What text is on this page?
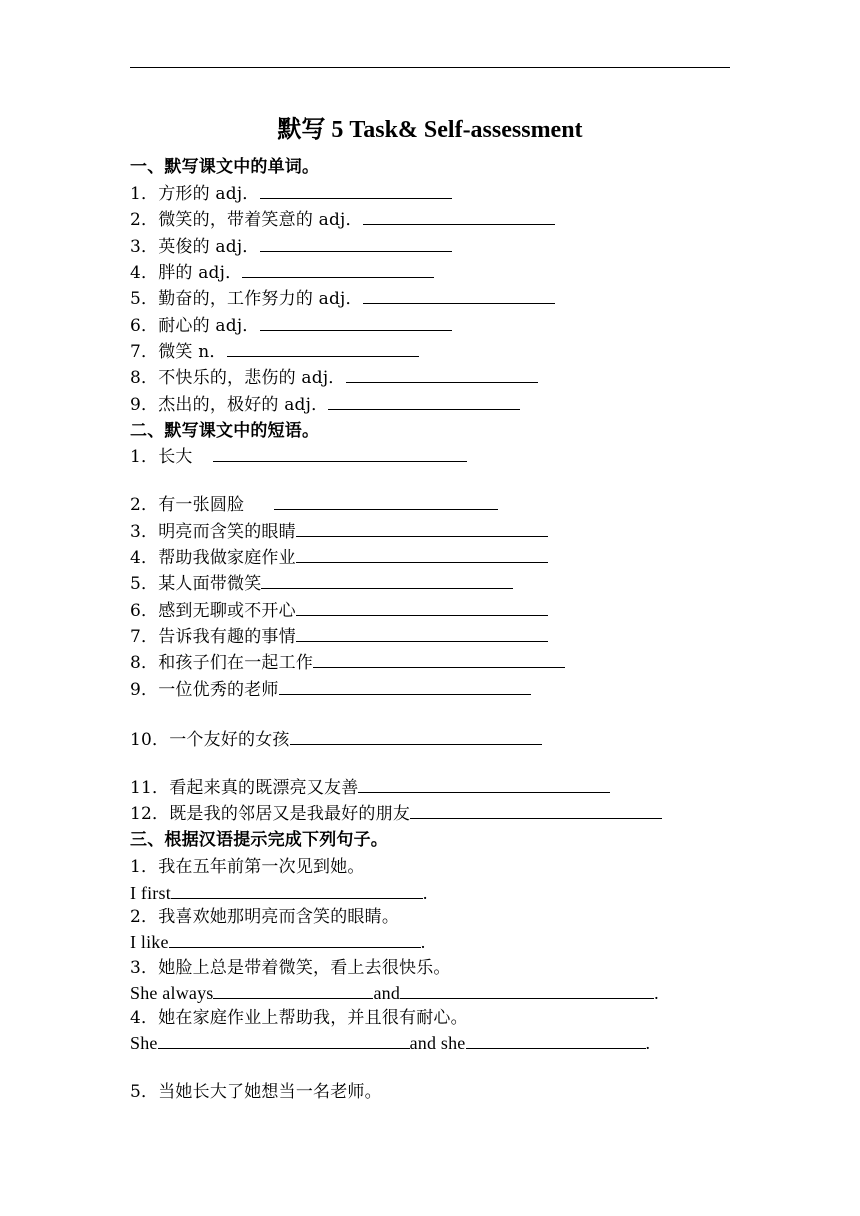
默写 5 Task& Self-assessment
一、默写课文中的单词。
1．方形的 adj．
2．微笑的，带着笑意的 adj．
3．英俊的 adj．
4．胖的 adj．
5．勤奋的，工作努力的 adj．
6．耐心的 adj．
7．微笑 n．
8．不快乐的，悲伤的 adj．
9．杰出的，极好的 adj．
二、默写课文中的短语。
1．长大
2．有一张圆脸
3．明亮而含笑的眼睛
4．帮助我做家庭作业
5．某人面带微笑
6．感到无聊或不开心
7．告诉我有趣的事情
8．和孩子们在一起工作
9．一位优秀的老师
10．一个友好的女孩
11．看起来真的既漂亮又友善
12．既是我的邻居又是我最好的朋友
三、根据汉语提示完成下列句子。
1．我在五年前第一次见到她。
I first	.
2．我喜欢她那明亮而含笑的眼睛。
I like	.
3．她脸上总是带着微笑，看上去很快乐。
She always	and	.
4．她在家庭作业上帮助我，并且很有耐心。
She	and she	.
5．当她长大了她想当一名老师。
